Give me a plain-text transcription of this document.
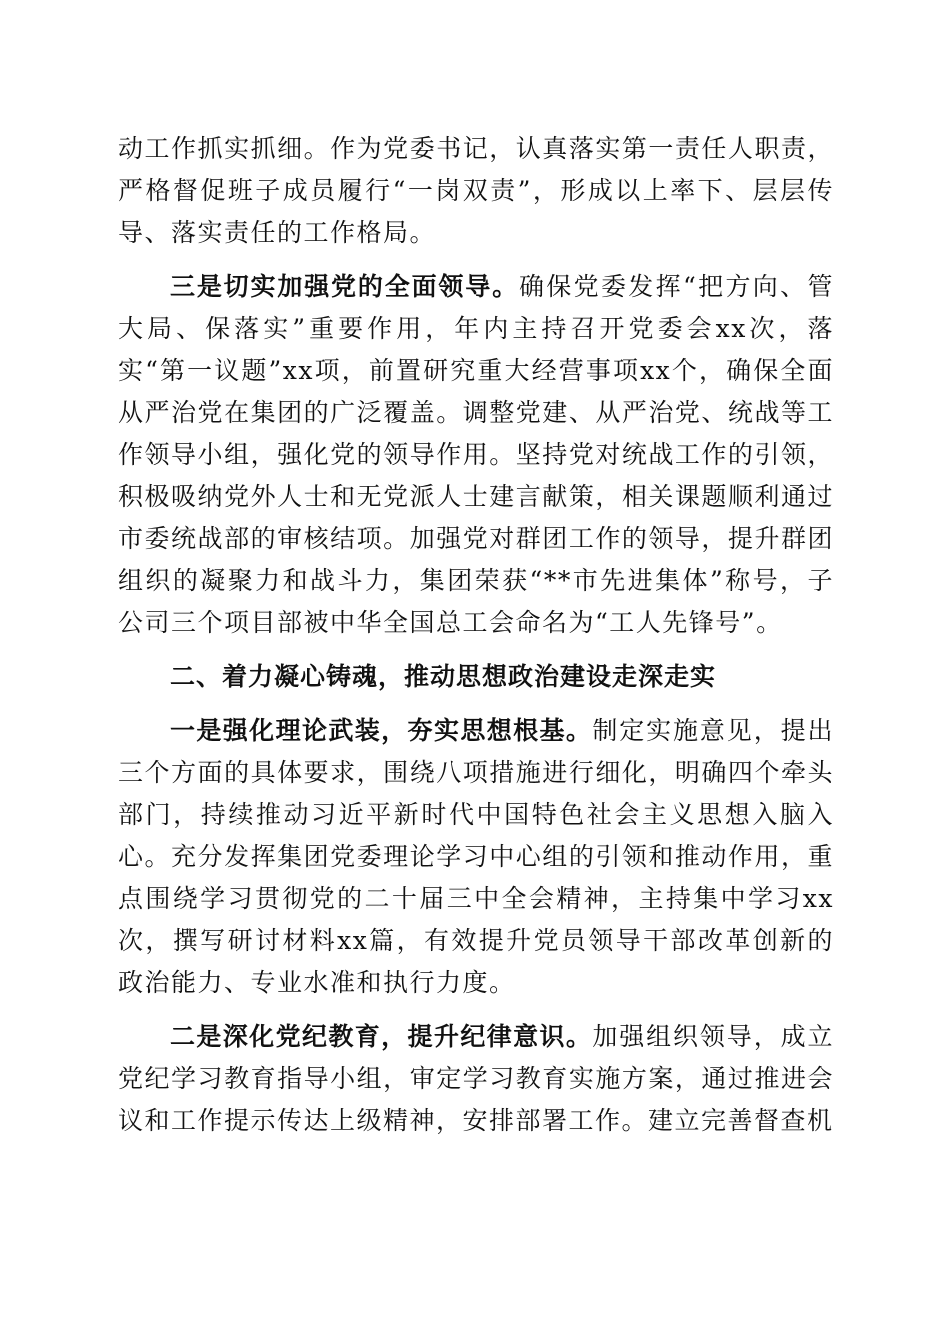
动工作抓实抓细。作为党委书记，认真落实第一责任人职责，严格督促班子成员履行“一岗双责”，形成以上率下、层层传导、落实责任的工作格局。

三是切实加强党的全面领导。确保党委发挥“把方向、管大局、保落实”重要作用，年内主持召开党委会xx次，落实“第一议题”xx项，前置研究重大经营事项xx个，确保全面从严治党在集团的广泛覆盖。调整党建、从严治党、统战等工作领导小组，强化党的领导作用。坚持党对统战工作的引领，积极吸纳党外人士和无党派人士建言献策，相关课题顺利通过市委统战部的审核结项。加强党对群团工作的领导，提升群团组织的凝聚力和战斗力，集团荣获“**市先进集体”称号，子公司三个项目部被中华全国总工会命名为“工人先锋号”。

二、着力凝心铸魂，推动思想政治建设走深走实

一是强化理论武装，夯实思想根基。制定实施意见，提出三个方面的具体要求，围绕八项措施进行细化，明确四个牵头部门，持续推动习近平新时代中国特色社会主义思想入脑入心。充分发挥集团党委理论学习中心组的引领和推动作用，重点围绕学习贯彻党的二十届三中全会精神，主持集中学习xx次，撰写研讨材料xx篇，有效提升党员领导干部改革创新的政治能力、专业水准和执行力度。

二是深化党纪教育，提升纪律意识。加强组织领导，成立党纪学习教育指导小组，审定学习教育实施方案，通过推进会议和工作提示传达上级精神，安排部署工作。建立完善督查机
